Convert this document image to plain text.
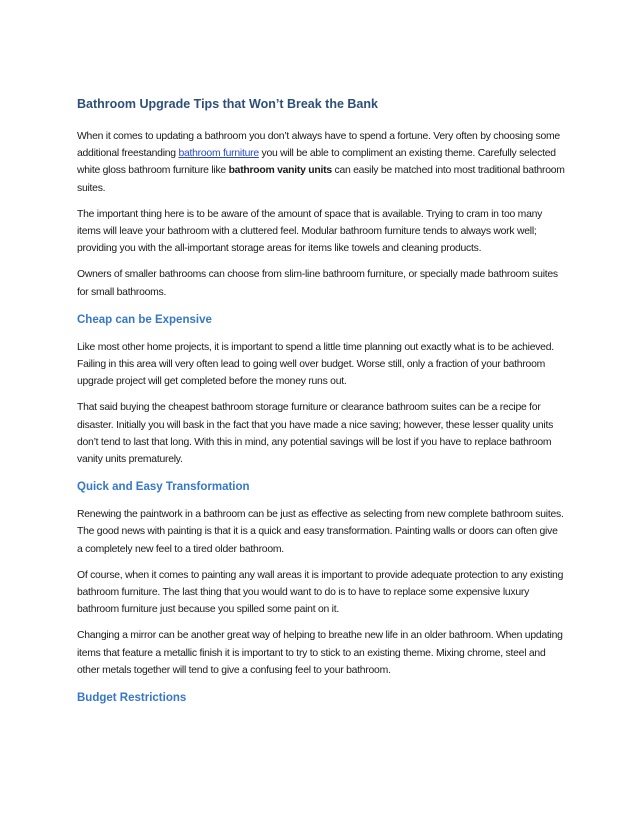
Bathroom Upgrade Tips that Won’t Break the Bank

When it comes to updating a bathroom you don’t always have to spend a fortune. Very often by choosing some additional freestanding bathroom furniture you will be able to compliment an existing theme. Carefully selected white gloss bathroom furniture like bathroom vanity units can easily be matched into most traditional bathroom suites.

The important thing here is to be aware of the amount of space that is available. Trying to cram in too many items will leave your bathroom with a cluttered feel. Modular bathroom furniture tends to always work well; providing you with the all-important storage areas for items like towels and cleaning products.

Owners of smaller bathrooms can choose from slim-line bathroom furniture, or specially made bathroom suites for small bathrooms.

Cheap can be Expensive

Like most other home projects, it is important to spend a little time planning out exactly what is to be achieved. Failing in this area will very often lead to going well over budget. Worse still, only a fraction of your bathroom upgrade project will get completed before the money runs out.

That said buying the cheapest bathroom storage furniture or clearance bathroom suites can be a recipe for disaster. Initially you will bask in the fact that you have made a nice saving; however, these lesser quality units don’t tend to last that long. With this in mind, any potential savings will be lost if you have to replace bathroom vanity units prematurely.

Quick and Easy Transformation

Renewing the paintwork in a bathroom can be just as effective as selecting from new complete bathroom suites. The good news with painting is that it is a quick and easy transformation. Painting walls or doors can often give a completely new feel to a tired older bathroom.

Of course, when it comes to painting any wall areas it is important to provide adequate protection to any existing bathroom furniture. The last thing that you would want to do is to have to replace some expensive luxury bathroom furniture just because you spilled some paint on it.

Changing a mirror can be another great way of helping to breathe new life in an older bathroom. When updating items that feature a metallic finish it is important to try to stick to an existing theme. Mixing chrome, steel and other metals together will tend to give a confusing feel to your bathroom.

Budget Restrictions
